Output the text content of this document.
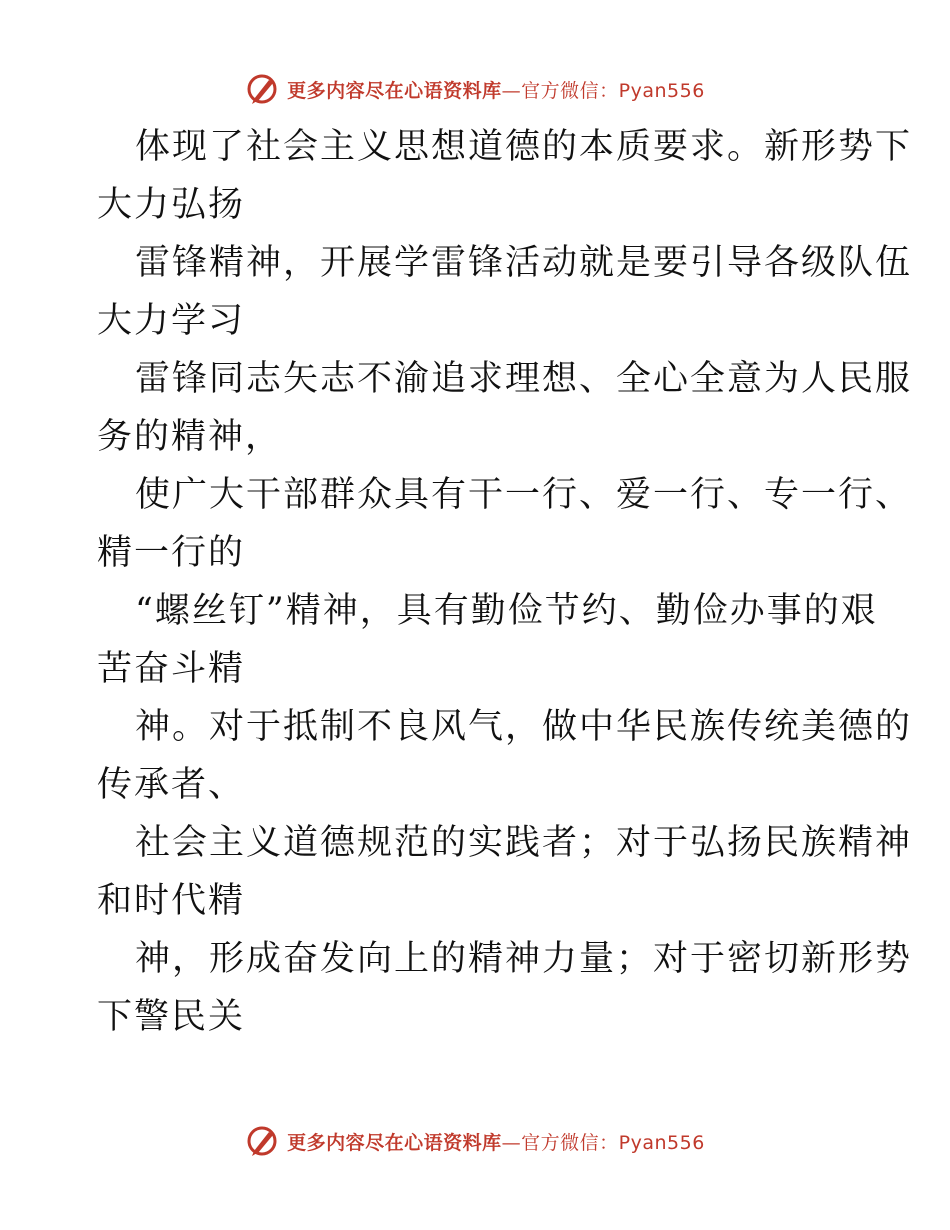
更多内容尽在心语资料库—官方微信：Pyan556
体现了社会主义思想道德的本质要求。新形势下
大力弘扬
雷锋精神，开展学雷锋活动就是要引导各级队伍
大力学习
雷锋同志矢志不渝追求理想、全心全意为人民服
务的精神，
使广大干部群众具有干一行、爱一行、专一行、
精一行的
“螺丝钉”精神，具有勤俭节约、勤俭办事的艰
苦奋斗精
神。对于抵制不良风气，做中华民族传统美德的
传承者、
社会主义道德规范的实践者；对于弘扬民族精神
和时代精
神，形成奋发向上的精神力量；对于密切新形势
下警民关
更多内容尽在心语资料库—官方微信：Pyan556
